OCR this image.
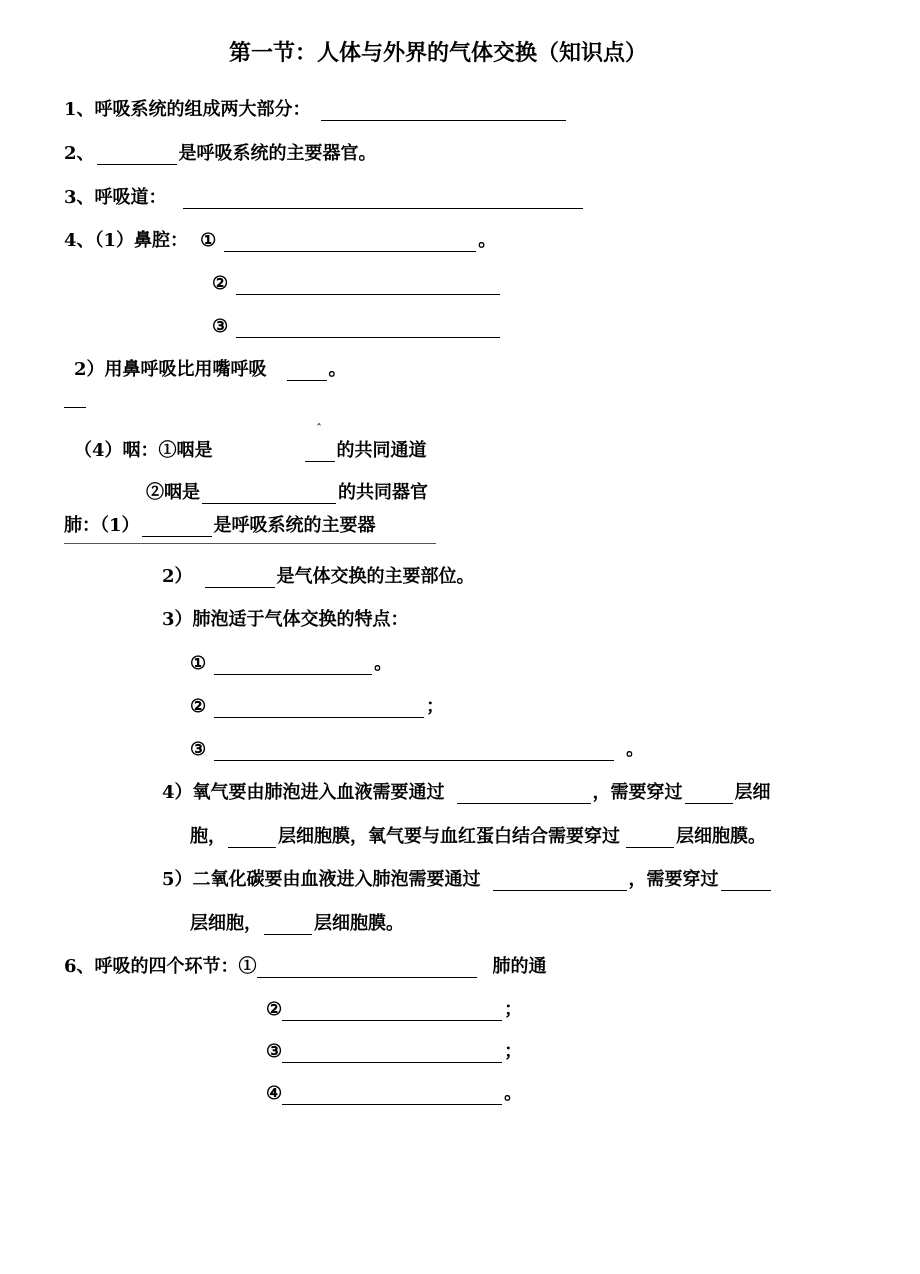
第一节：人体与外界的气体交换（知识点）
1、呼吸系统的组成两大部分：
2、	是呼吸系统的主要器官。
3、呼吸道：
4、（1）鼻腔： ①	。
②
③
2）用鼻呼吸比用嘴呼吸	。
ˆ
（4）咽：①咽是	的共同通道
②咽是	的共同器官
肺：（1）	是呼吸系统的主要器
2）	是气体交换的主要部位。
3）肺泡适于气体交换的特点：
①	。
②	；
③	。
4）氧气要由肺泡进入血液需要通过	，需要穿过	层细
胞，	层细胞膜，氧气要与血红蛋白结合需要穿过	层细胞膜。
5）二氧化碳要由血液进入肺泡需要通过	，需要穿过
层细胞，	层细胞膜。
6、呼吸的四个环节：①	肺的通
②	；
③	；
④	。
